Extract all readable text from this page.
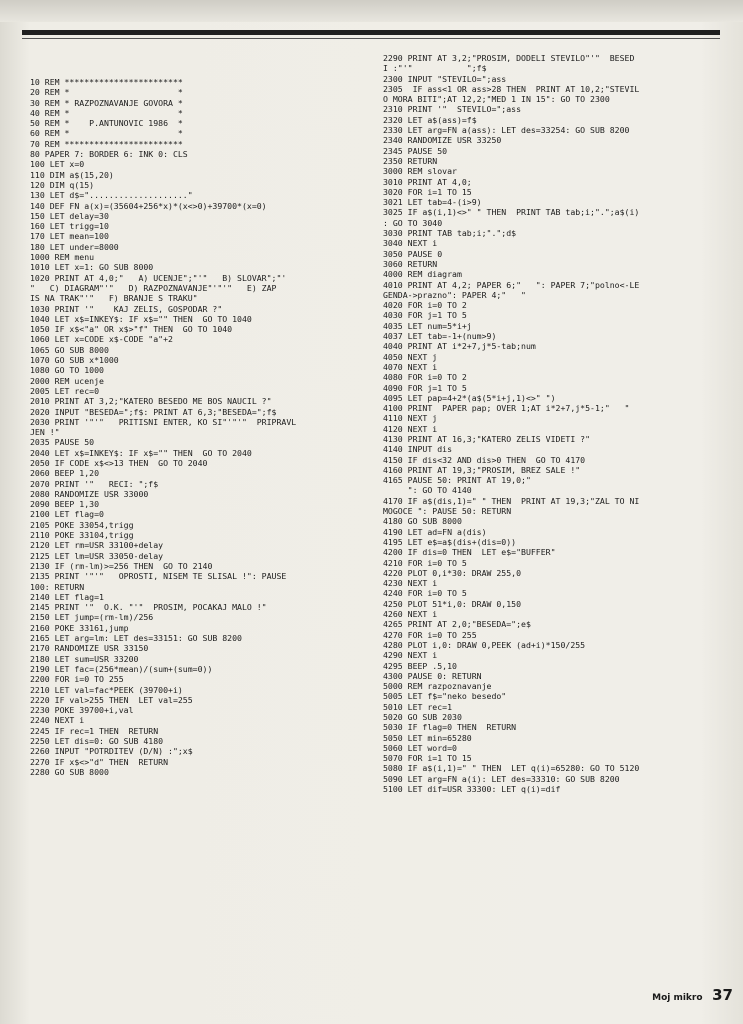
10 REM ************************
20 REM *                      *
30 REM * RAZPOZNAVANJE GOVORA *
40 REM *                      *
50 REM *    P.ANTUNOVIC 1986  *
60 REM *                      *
70 REM ************************
80 PAPER 7: BORDER 6: INK 0: CLS
100 LET x=0
110 DIM a$(15,20)
120 DIM q(15)
130 LET d$="...................."
140 DEF FN a(x)=(35604+256*x)*(x<>0)+39700*(x=0)
150 LET delay=30
160 LET trigg=10
170 LET mean=100
180 LET under=8000
1000 REM menu
1010 LET x=1: GO SUB 8000
1020 PRINT AT 4,0;"   A) UCENJE";"'"   B) SLOVAR";"'
"   C) DIAGRAM"'"   D) RAZPOZNAVANJE"'"'"   E) ZAP
IS NA TRAK"'"   F) BRANJE S TRAKU"
1030 PRINT '"    KAJ ZELIS, GOSPODAR ?"
1040 LET x$=INKEY$: IF x$="" THEN  GO TO 1040
1050 IF x$<"a" OR x$>"f" THEN  GO TO 1040
1060 LET x=CODE x$-CODE "a"+2
1065 GO SUB 8000
1070 GO SUB x*1000
1080 GO TO 1000
2000 REM ucenje
2005 LET rec=0
2010 PRINT AT 3,2;"KATERO BESEDO ME BOS NAUCIL ?"
2020 INPUT "BESEDA=";f$: PRINT AT 6,3;"BESEDA=";f$
2030 PRINT '"'"   PRITISNI ENTER, KO SI"'"'"  PRIPRAVL
JEN !"
2035 PAUSE 50
2040 LET x$=INKEY$: IF x$="" THEN  GO TO 2040
2050 IF CODE x$<>13 THEN  GO TO 2040
2060 BEEP 1,20
2070 PRINT '"   RECI: ";f$
2080 RANDOMIZE USR 33000
2090 BEEP 1,30
2100 LET flag=0
2105 POKE 33054,trigg
2110 POKE 33104,trigg
2120 LET rm=USR 33100+delay
2125 LET lm=USR 33050-delay
2130 IF (rm-lm)>=256 THEN  GO TO 2140
2135 PRINT '"'"   OPROSTI, NISEM TE SLISAL !": PAUSE
100: RETURN
2140 LET flag=1
2145 PRINT '"  O.K. "'"  PROSIM, POCAKAJ MALO !"
2150 LET jump=(rm-lm)/256
2160 POKE 33161,jump
2165 LET arg=lm: LET des=33151: GO SUB 8200
2170 RANDOMIZE USR 33150
2180 LET sum=USR 33200
2190 LET fac=(256*mean)/(sum+(sum=0))
2200 FOR i=0 TO 255
2210 LET val=fac*PEEK (39700+i)
2220 IF val>255 THEN  LET val=255
2230 POKE 39700+i,val
2240 NEXT i
2245 IF rec=1 THEN  RETURN
2250 LET dis=0: GO SUB 4180
2260 INPUT "POTRDITEV (D/N) :";x$
2270 IF x$<>"d" THEN  RETURN
2280 GO SUB 8000
2290 PRINT AT 3,2;"PROSIM, DODELI STEVILO"'"  BESED
I :"'"           ";f$
2300 INPUT "STEVILO=";ass
2305  IF ass<1 OR ass>28 THEN  PRINT AT 10,2;"STEVIL
O MORA BITI";AT 12,2;"MED 1 IN 15": GO TO 2300
2310 PRINT '"  STEVILO=";ass
2320 LET a$(ass)=f$
2330 LET arg=FN a(ass): LET des=33254: GO SUB 8200
2340 RANDOMIZE USR 33250
2345 PAUSE 50
2350 RETURN
3000 REM slovar
3010 PRINT AT 4,0;
3020 FOR i=1 TO 15
3021 LET tab=4-(i>9)
3025 IF a$(i,1)<>" " THEN  PRINT TAB tab;i;".";a$(i)
: GO TO 3040
3030 PRINT TAB tab;i;".";d$
3040 NEXT i
3050 PAUSE 0
3060 RETURN
4000 REM diagram
4010 PRINT AT 4,2; PAPER 6;"   ": PAPER 7;"polno<-LE
GENDA->prazno": PAPER 4;"   "
4020 FOR i=0 TO 2
4030 FOR j=1 TO 5
4035 LET num=5*i+j
4037 LET tab=-1+(num>9)
4040 PRINT AT i*2+7,j*5-tab;num
4050 NEXT j
4070 NEXT i
4080 FOR i=0 TO 2
4090 FOR j=1 TO 5
4095 LET pap=4+2*(a$(5*i+j,1)<>" ")
4100 PRINT  PAPER pap; OVER 1;AT i*2+7,j*5-1;"   "
4110 NEXT j
4120 NEXT i
4130 PRINT AT 16,3;"KATERO ZELIS VIDETI ?"
4140 INPUT dis
4150 IF dis<32 AND dis>0 THEN  GO TO 4170
4160 PRINT AT 19,3;"PROSIM, BREZ SALE !"
4165 PAUSE 50: PRINT AT 19,0;"
": GO TO 4140
4170 IF a$(dis,1)=" " THEN  PRINT AT 19,3;"ZAL TO NI
MOGOCE ": PAUSE 50: RETURN
4180 GO SUB 8000
4190 LET ad=FN a(dis)
4195 LET e$=a$(dis+(dis=0))
4200 IF dis=0 THEN  LET e$="BUFFER"
4210 FOR i=0 TO 5
4220 PLOT 0,i*30: DRAW 255,0
4230 NEXT i
4240 FOR i=0 TO 5
4250 PLOT 51*i,0: DRAW 0,150
4260 NEXT i
4265 PRINT AT 2,0;"BESEDA=";e$
4270 FOR i=0 TO 255
4280 PLOT i,0: DRAW 0,PEEK (ad+i)*150/255
4290 NEXT i
4295 BEEP .5,10
4300 PAUSE 0: RETURN
5000 REM razpoznavanje
5005 LET f$="neko besedo"
5010 LET rec=1
5020 GO SUB 2030
5030 IF flag=0 THEN  RETURN
5050 LET min=65280
5060 LET word=0
5070 FOR i=1 TO 15
5080 IF a$(i,1)=" " THEN  LET q(i)=65280: GO TO 5120
5090 LET arg=FN a(i): LET des=33310: GO SUB 8200
5100 LET dif=USR 33300: LET q(i)=dif
Moj mikro 37
